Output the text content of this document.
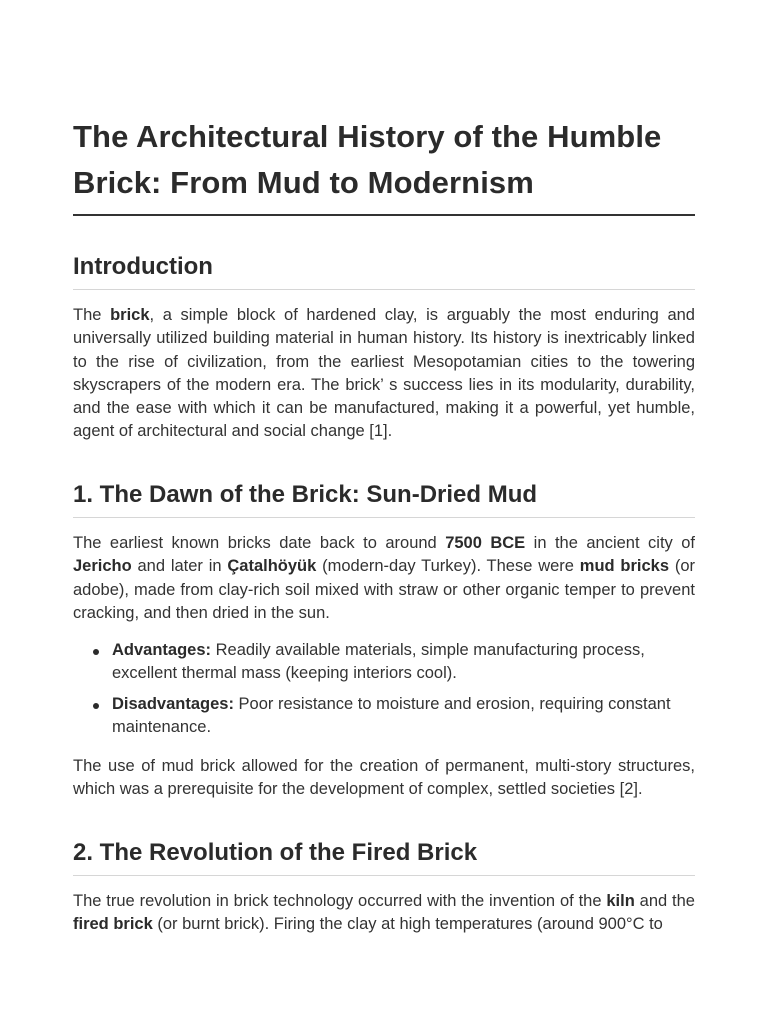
The Architectural History of the Humble Brick: From Mud to Modernism
Introduction

The brick, a simple block of hardened clay, is arguably the most enduring and universally utilized building material in human history. Its history is inextricably linked to the rise of civilization, from the earliest Mesopotamian cities to the towering skyscrapers of the modern era. The brick’ s success lies in its modularity, durability, and the ease with which it can be manufactured, making it a powerful, yet humble, agent of architectural and social change [1].

1. The Dawn of the Brick: Sun-Dried Mud

The earliest known bricks date back to around 7500 BCE in the ancient city of Jericho and later in Çatalhöyük (modern-day Turkey). These were mud bricks (or adobe), made from clay-rich soil mixed with straw or other organic temper to prevent cracking, and then dried in the sun.

Advantages: Readily available materials, simple manufacturing process, excellent thermal mass (keeping interiors cool).
Disadvantages: Poor resistance to moisture and erosion, requiring constant maintenance.

The use of mud brick allowed for the creation of permanent, multi-story structures, which was a prerequisite for the development of complex, settled societies [2].

2. The Revolution of the Fired Brick

The true revolution in brick technology occurred with the invention of the kiln and the fired brick (or burnt brick). Firing the clay at high temperatures (around 900°C to
